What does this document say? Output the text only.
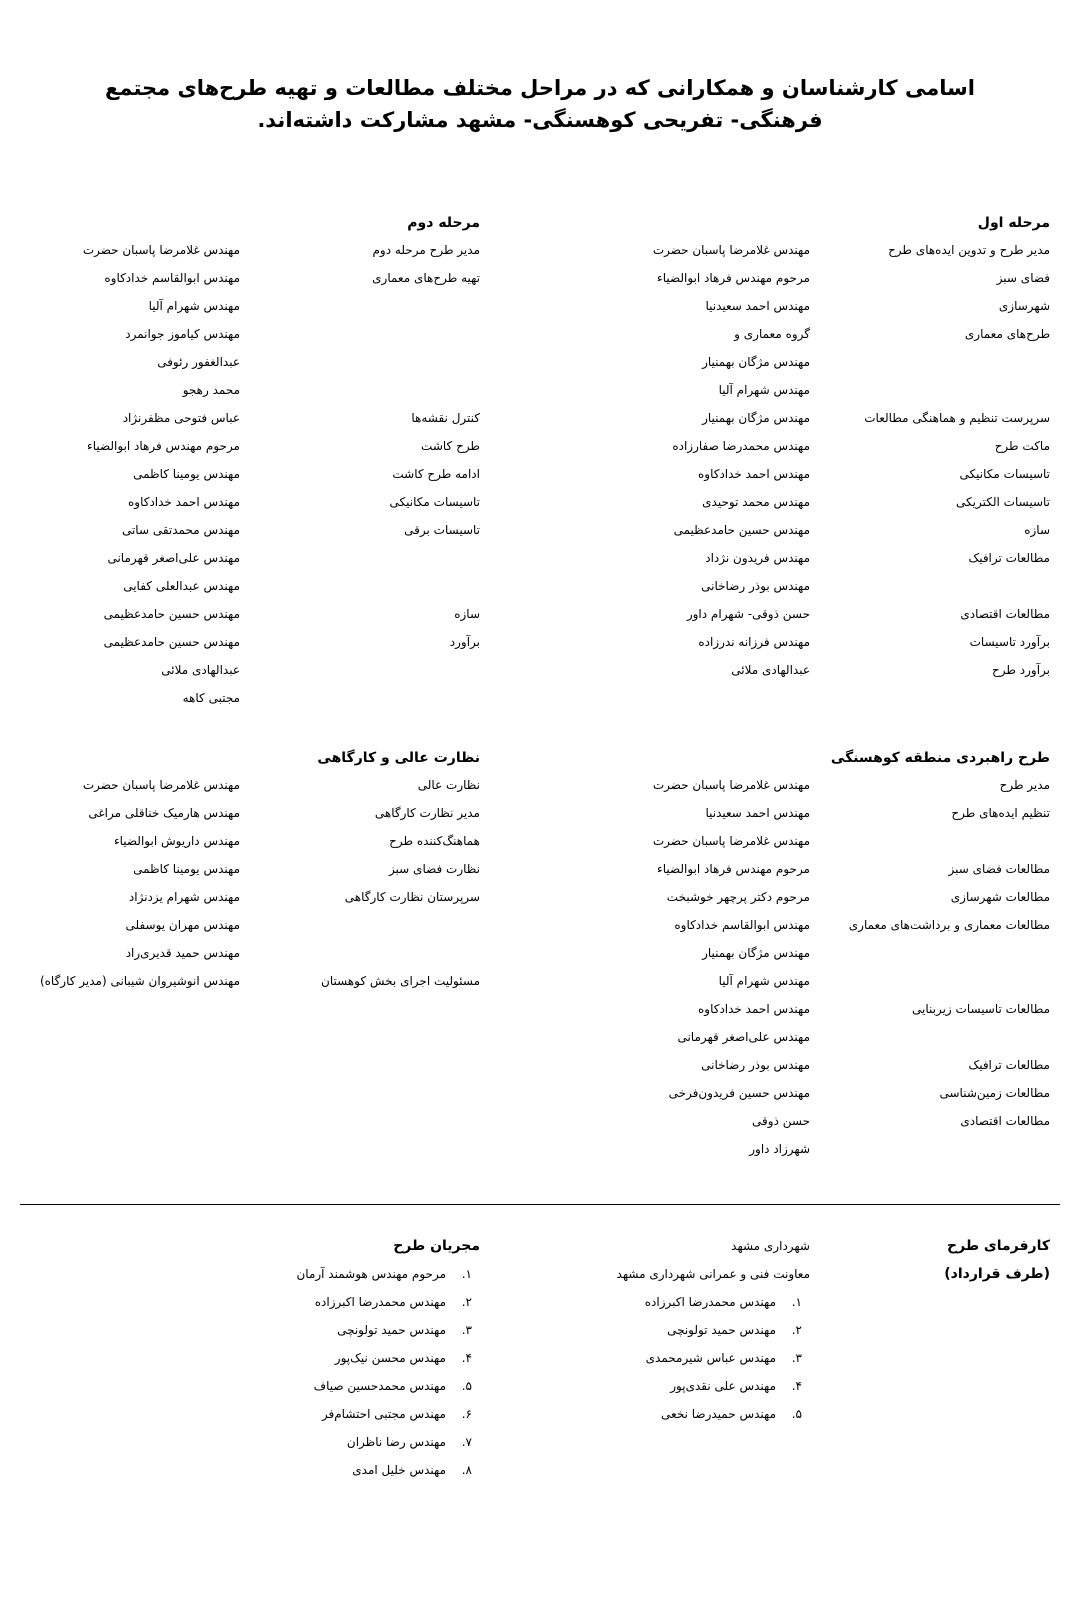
اسامی کارشناسان و همکارانی که در مراحل مختلف مطالعات و تهیه طرح‌های مجتمع فرهنگی- تفریحی کوهسنگی- مشهد مشارکت داشته‌اند.
مرحله اول
مدیر طرح و تدوین ایده‌های طرح
مهندس غلامرضا پاسبان حضرت
فضای سبز
مرحوم مهندس فرهاد ابوالضیاء
شهرسازی
مهندس احمد سعیدنیا
طرح‌های معماری
گروه معماری و
مهندس مژگان بهمنیار
مهندس شهرام آلیا
سرپرست تنظیم و هماهنگی مطالعات
مهندس مژگان بهمنیار
ماکت طرح
مهندس محمدرضا صفارزاده
تاسیسات مکانیکی
مهندس احمد خدادکاوه
تاسیسات الکتریکی
مهندس محمد توحیدی
سازه
مهندس حسین حامدعظیمی
مطالعات ترافیک
مهندس فریدون نژداد
مهندس بوذر رضاخانی
مطالعات اقتصادی
حسن ذوقی- شهرام داور
برآورد تاسیسات
مهندس فرزانه ندرزاده
برآورد طرح
عبدالهادی ملائی
مرحله دوم
مدیر طرح مرحله دوم
مهندس غلامرضا پاسبان حضرت
تهیه طرح‌های معماری
مهندس ابوالقاسم خدادکاوه
مهندس شهرام آلیا
مهندس کیاموز جوانمرد
عبدالغفور رئوفی
محمد رهجو
کنترل نقشه‌ها
عباس فتوحی مظفرنژاد
طرح کاشت
مرحوم مهندس فرهاد ابوالضیاء
ادامه طرح کاشت
مهندس یومینا کاظمی
تاسیسات مکانیکی
مهندس احمد خدادکاوه
تاسیسات برقی
مهندس محمدتقی ساتی
مهندس علی‌اصغر قهرمانی
مهندس عبدالعلی کفایی
سازه
مهندس حسین حامدعظیمی
برآورد
مهندس حسین حامدعظیمی
عبدالهادی ملائی
مجتبی کاهه
طرح راهبردی منطقه کوهسنگی
مدیر طرح
مهندس غلامرضا پاسبان حضرت
تنظیم ایده‌های طرح
مهندس احمد سعیدنیا
مهندس غلامرضا پاسبان حضرت
مطالعات فضای سبز
مرحوم مهندس فرهاد ابوالضیاء
مطالعات شهرسازی
مرحوم دکتر پرچهر خوشبخت
مطالعات معماری و برداشت‌های معماری
مهندس ابوالقاسم خدادکاوه
مهندس مژگان بهمنیار
مهندس شهرام آلیا
مطالعات تاسیسات زیربنایی
مهندس احمد خدادکاوه
مهندس علی‌اصغر قهرمانی
مطالعات ترافیک
مهندس بوذر رضاخانی
مطالعات زمین‌شناسی
مهندس حسین فریدون‌فرخی
مطالعات اقتصادی
حسن ذوقی
شهرزاد داور
نظارت عالی و کارگاهی
نظارت عالی
مهندس غلامرضا پاسبان حضرت
مدیر نظارت کارگاهی
مهندس هارمیک خناقلی مراغی
هماهنگ‌کننده طرح
مهندس داریوش ابوالضیاء
نظارت فضای سبز
مهندس یومینا کاظمی
سرپرستان نظارت کارگاهی
مهندس شهرام یزدنژاد
مهندس مهران یوسفلی
مهندس حمید قدیری‌راد
مسئولیت اجرای بخش کوهستان
مهندس انوشیروان شیبانی (مدیر کارگاه)
کارفرمای طرح
(طرف قرارداد)
شهرداری مشهد
معاونت فنی و عمرانی شهرداری مشهد
۱.
مهندس محمدرضا اکبرزاده
۲.
مهندس حمید تولونچی
۳.
مهندس عباس شیرمحمدی
۴.
مهندس علی نقدی‌پور
۵.
مهندس حمیدرضا نخعی
مجریان طرح
۱.
مرحوم مهندس هوشمند آرمان
۲.
مهندس محمدرضا اکبرزاده
۳.
مهندس حمید تولونچی
۴.
مهندس محسن نیک‌پور
۵.
مهندس محمدحسین صیاف
۶.
مهندس مجتبی احتشام‌فر
۷.
مهندس رضا ناظران
۸.
مهندس خلیل امدی
